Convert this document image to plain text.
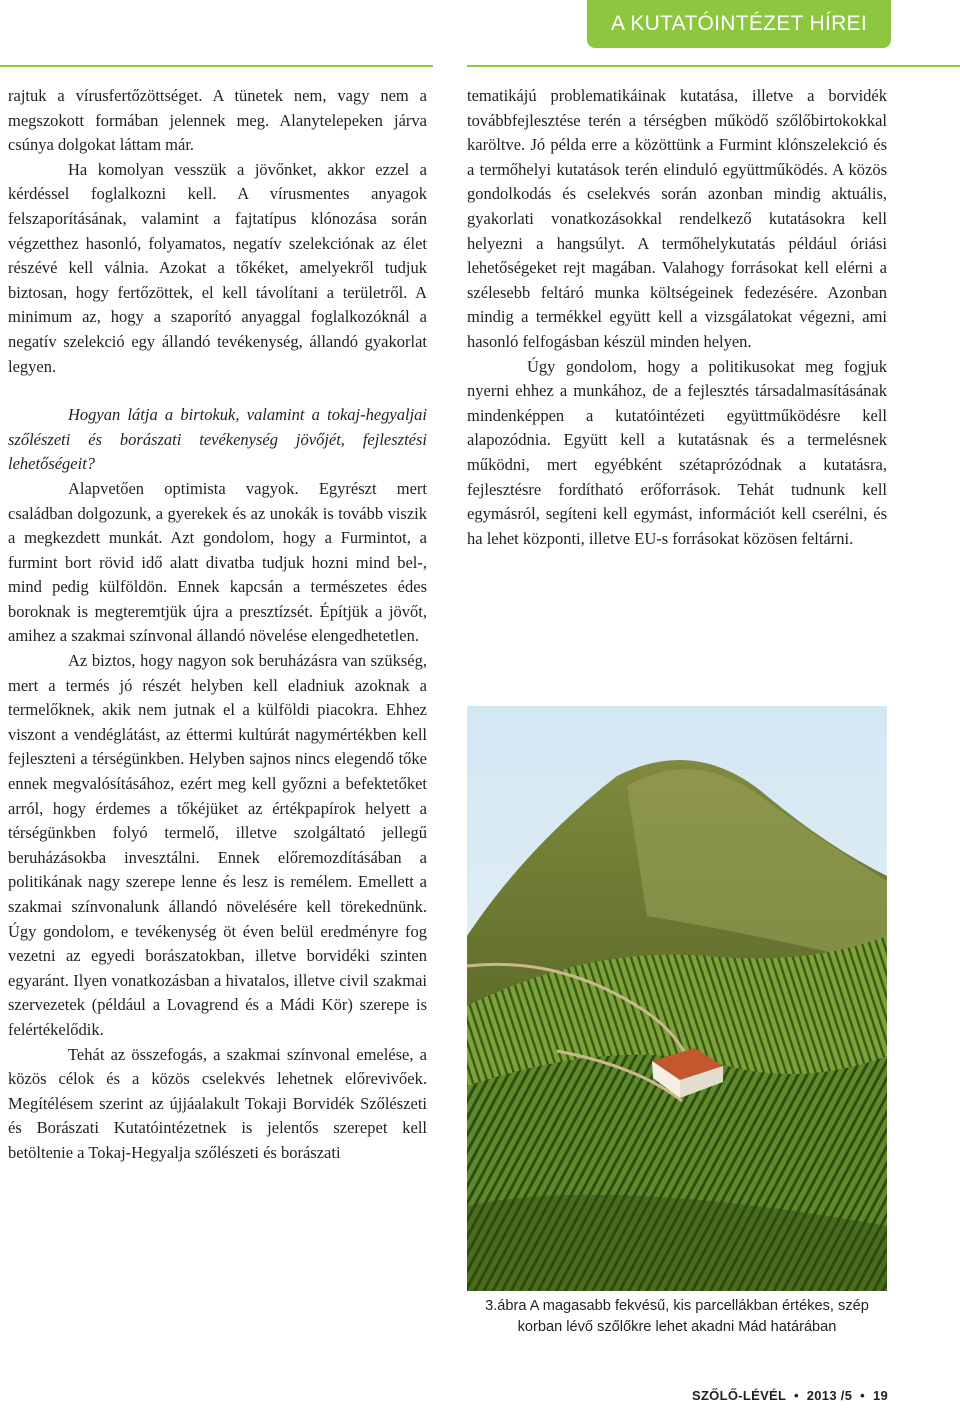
A KUTATÓINTÉZET HÍREI

rajtuk a vírusfertőzöttséget. A tünetek nem, vagy nem a megszokott formában jelennek meg. Alanytelepeken járva csúnya dolgokat láttam már.

Ha komolyan vesszük a jövőnket, akkor ezzel a kérdéssel foglalkozni kell. A vírusmentes anyagok felszaporításának, valamint a fajtatípus klónozása során végzetthez hasonló, folyamatos, negatív szelekciónak az élet részévé kell válnia. Azokat a tőkéket, amelyekről tudjuk biztosan, hogy fertőzöttek, el kell távolítani a területről. A minimum az, hogy a szaporító anyaggal foglalkozóknál a negatív szelekció egy állandó tevékenység, állandó gyakorlat legyen.

Hogyan látja a birtokuk, valamint a tokaj-hegyaljai szőlészeti és borászati tevékenység jövőjét, fejlesztési lehetőségeit?

Alapvetően optimista vagyok. Egyrészt mert családban dolgozunk, a gyerekek és az unokák is tovább viszik a megkezdett munkát. Azt gondolom, hogy a Furmintot, a furmint bort rövid idő alatt divatba tudjuk hozni mind bel-, mind pedig külföldön. Ennek kapcsán a természetes édes boroknak is megteremtjük újra a presztízsét. Építjük a jövőt, amihez a szakmai színvonal állandó növelése elengedhetetlen.

Az biztos, hogy nagyon sok beruházásra van szükség, mert a termés jó részét helyben kell eladniuk azoknak a termelőknek, akik nem jutnak el a külföldi piacokra. Ehhez viszont a vendéglátást, az éttermi kultúrát nagymértékben kell fejleszteni a térségünkben. Helyben sajnos nincs elegendő tőke ennek megvalósításához, ezért meg kell győzni a befektetőket arról, hogy érdemes a tőkéjüket az értékpapírok helyett a térségünkben folyó termelő, illetve szolgáltató jellegű beruházásokba invesztálni. Ennek előremozdításában a politikának nagy szerepe lenne és lesz is remélem. Emellett a szakmai színvonalunk állandó növelésére kell törekednünk. Úgy gondolom, e tevékenység öt éven belül eredményre fog vezetni az egyedi borászatokban, illetve borvidéki szinten egyaránt. Ilyen vonatkozásban a hivatalos, illetve civil szakmai szervezetek (például a Lovagrend és a Mádi Kör) szerepe is felértékelődik.

Tehát az összefogás, a szakmai színvonal emelése, a közös célok és a közös cselekvés lehetnek előrevivőek. Megítélésem szerint az újjáalakult Tokaji Borvidék Szőlészeti és Borászati Kutatóintézetnek is jelentős szerepet kell betöltenie a Tokaj-Hegyalja szőlészeti és borászati

tematikájú problematikáinak kutatása, illetve a borvidék továbbfejlesztése terén a térségben működő szőlőbirtokokkal karöltve. Jó példa erre a közöttünk a Furmint klónszelekció és a termőhelyi kutatások terén elinduló együttműködés. A közös gondolkodás és cselekvés során azonban mindig aktuális, gyakorlati vonatkozásokkal rendelkező kutatásokra kell helyezni a hangsúlyt. A termőhelykutatás például óriási lehetőségeket rejt magában. Valahogy forrásokat kell elérni a szélesebb feltáró munka költségeinek fedezésére. Azonban mindig a termékkel együtt kell a vizsgálatokat végezni, ami hasonló felfogásban készül minden helyen.

Úgy gondolom, hogy a politikusokat meg fogjuk nyerni ehhez a munkához, de a fejlesztés társadalmasításának mindenképpen a kutatóintézeti együttműködésre kell alapozódnia. Együtt kell a kutatásnak és a termelésnek működni, mert egyébként szétaprózódnak a kutatásra, fejlesztésre fordítható erőforrások. Tehát tudnunk kell egymásról, segíteni kell egymást, információt kell cserélni, és ha lehet központi, illetve EU-s forrásokat közösen feltárni.

3.ábra A magasabb fekvésű, kis parcellákban értékes, szép korban lévő szőlőkre lehet akadni Mád határában
SZŐLŐ-LÉVÉL • 2013 /5 • 19
